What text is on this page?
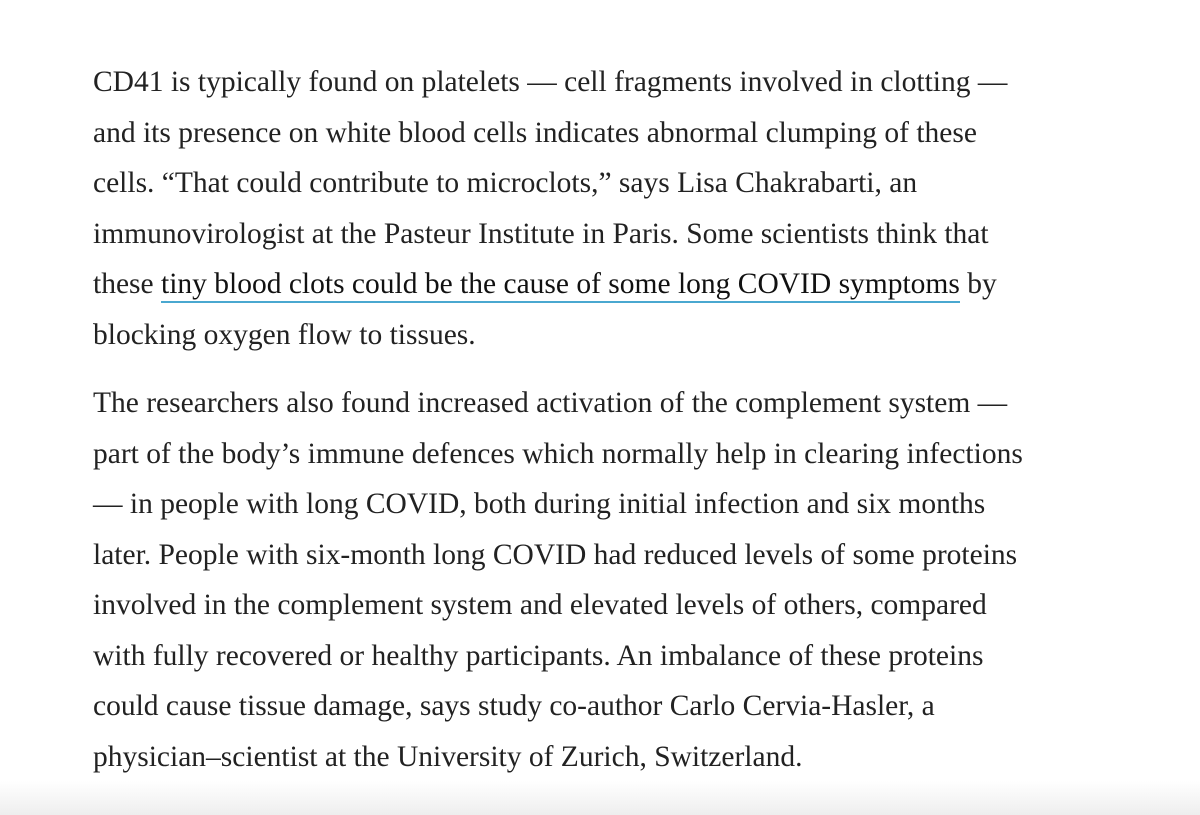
CD41 is typically found on platelets — cell fragments involved in clotting —
and its presence on white blood cells indicates abnormal clumping of these
cells. “That could contribute to microclots,” says Lisa Chakrabarti, an
immunovirologist at the Pasteur Institute in Paris. Some scientists think that
these tiny blood clots could be the cause of some long COVID symptoms by
blocking oxygen flow to tissues.

The researchers also found increased activation of the complement system —
part of the body’s immune defences which normally help in clearing infections
— in people with long COVID, both during initial infection and six months
later. People with six-month long COVID had reduced levels of some proteins
involved in the complement system and elevated levels of others, compared
with fully recovered or healthy participants. An imbalance of these proteins
could cause tissue damage, says study co-author Carlo Cervia-Hasler, a
physician–scientist at the University of Zurich, Switzerland.
